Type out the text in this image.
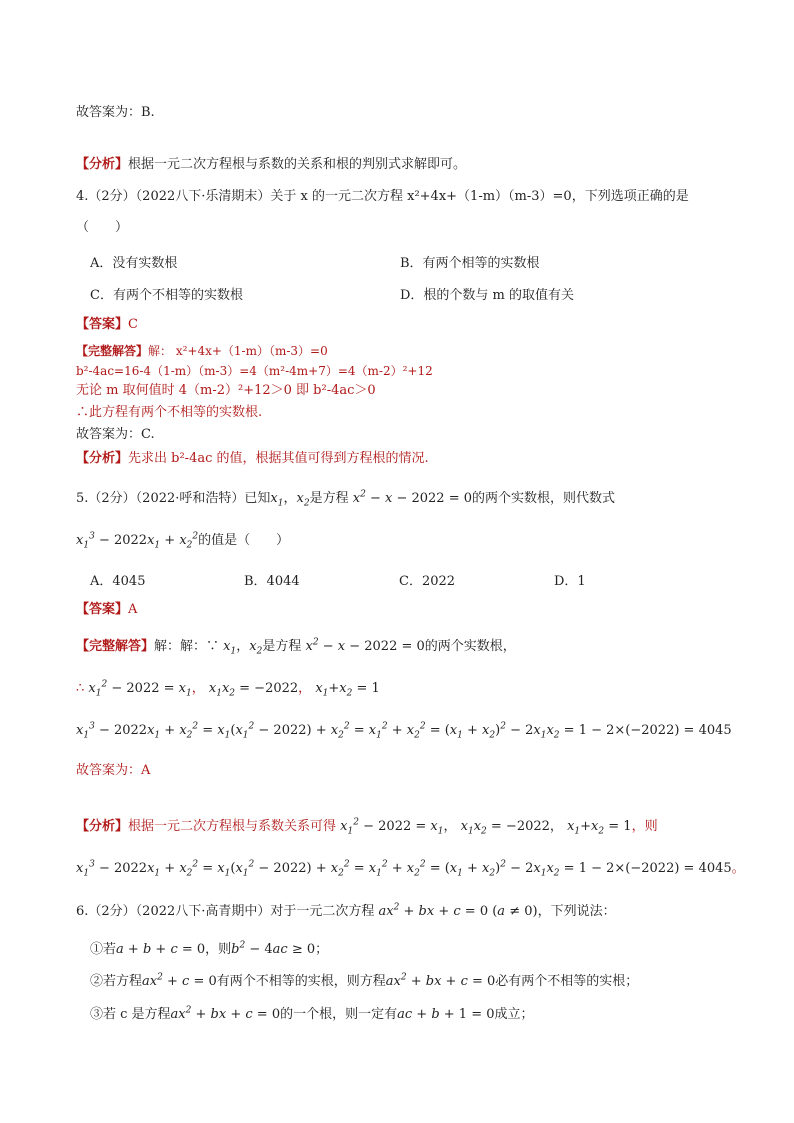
故答案为：B.
【分析】根据一元二次方程根与系数的关系和根的判别式求解即可。
4.（2分）（2022八下·乐清期末）关于 x 的一元二次方程 x²+4x+（1-m）（m-3）=0，下列选项正确的是
（　　）
A．没有实数根	B．有两个相等的实数根
C．有两个不相等的实数根	D．根的个数与 m 的取值有关
【答案】C
【完整解答】解： x²+4x+（1-m）（m-3）=0
b²-4ac=16-4（1-m）（m-3）=4（m²-4m+7）=4（m-2）²+12
无论 m 取何值时 4（m-2）²+12＞0 即 b²-4ac＞0
∴此方程有两个不相等的实数根.
故答案为：C.
【分析】先求出 b²-4ac 的值，根据其值可得到方程根的情况.
5.（2分）（2022·呼和浩特）已知$x_1$，$x_2$是方程 $x^2 - x - 2022 = 0$的两个实数根，则代数式
$x_1^3 - 2022x_1 + x_2^2$的值是（　　）
A．4045	B．4044	C．2022	D．1
【答案】A
【完整解答】解：解：∵ $x_1$，$x_2$是方程 $x^2 - x - 2022 = 0$的两个实数根，
∴ $x_1^2 - 2022 = x_1$， $x_1x_2 = -2022$， $x_1+x_2 = 1$
$x_1^3 - 2022x_1 + x_2^2 = x_1(x_1^2 - 2022) + x_2^2 = x_1^2 + x_2^2 = (x_1 + x_2)^2 - 2x_1x_2 = 1 - 2\times(-2022) = 4045$
故答案为：A
【分析】根据一元二次方程根与系数关系可得 $x_1^2 - 2022 = x_1$， $x_1x_2 = -2022$， $x_1+x_2 = 1$，则
$x_1^3 - 2022x_1 + x_2^2 = x_1(x_1^2 - 2022) + x_2^2 = x_1^2 + x_2^2 = (x_1 + x_2)^2 - 2x_1x_2 = 1 - 2\times(-2022) = 4045$。
6.（2分）（2022八下·高青期中）对于一元二次方程 $ax^2$ + bx + c = 0 (a ≠ 0)，下列说法：
①若a + b + c = 0，则$b^2 - 4ac \ge 0$；
②若方程$ax^2 + c = 0$有两个不相等的实根，则方程$ax^2$ + bx + c = 0必有两个不相等的实根；
③若 c 是方程$ax^2$ + bx + c = 0的一个根，则一定有ac + b + 1 = 0成立；
